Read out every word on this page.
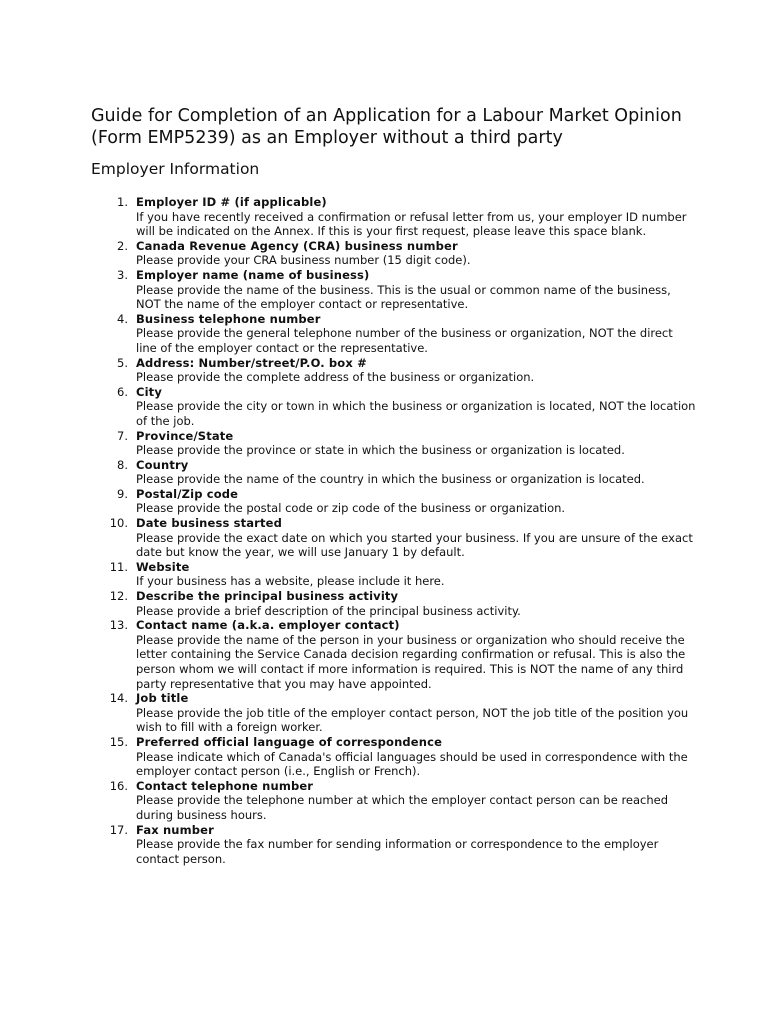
Guide for Completion of an Application for a Labour Market Opinion (Form EMP5239) as an Employer without a third party
Employer Information
1. Employer ID # (if applicable)
If you have recently received a confirmation or refusal letter from us, your employer ID number will be indicated on the Annex. If this is your first request, please leave this space blank.
2. Canada Revenue Agency (CRA) business number
Please provide your CRA business number (15 digit code).
3. Employer name (name of business)
Please provide the name of the business. This is the usual or common name of the business, NOT the name of the employer contact or representative.
4. Business telephone number
Please provide the general telephone number of the business or organization, NOT the direct line of the employer contact or the representative.
5. Address: Number/street/P.O. box #
Please provide the complete address of the business or organization.
6. City
Please provide the city or town in which the business or organization is located, NOT the location of the job.
7. Province/State
Please provide the province or state in which the business or organization is located.
8. Country
Please provide the name of the country in which the business or organization is located.
9. Postal/Zip code
Please provide the postal code or zip code of the business or organization.
10. Date business started
Please provide the exact date on which you started your business. If you are unsure of the exact date but know the year, we will use January 1 by default.
11. Website
If your business has a website, please include it here.
12. Describe the principal business activity
Please provide a brief description of the principal business activity.
13. Contact name (a.k.a. employer contact)
Please provide the name of the person in your business or organization who should receive the letter containing the Service Canada decision regarding confirmation or refusal. This is also the person whom we will contact if more information is required. This is NOT the name of any third party representative that you may have appointed.
14. Job title
Please provide the job title of the employer contact person, NOT the job title of the position you wish to fill with a foreign worker.
15. Preferred official language of correspondence
Please indicate which of Canada's official languages should be used in correspondence with the employer contact person (i.e., English or French).
16. Contact telephone number
Please provide the telephone number at which the employer contact person can be reached during business hours.
17. Fax number
Please provide the fax number for sending information or correspondence to the employer contact person.
